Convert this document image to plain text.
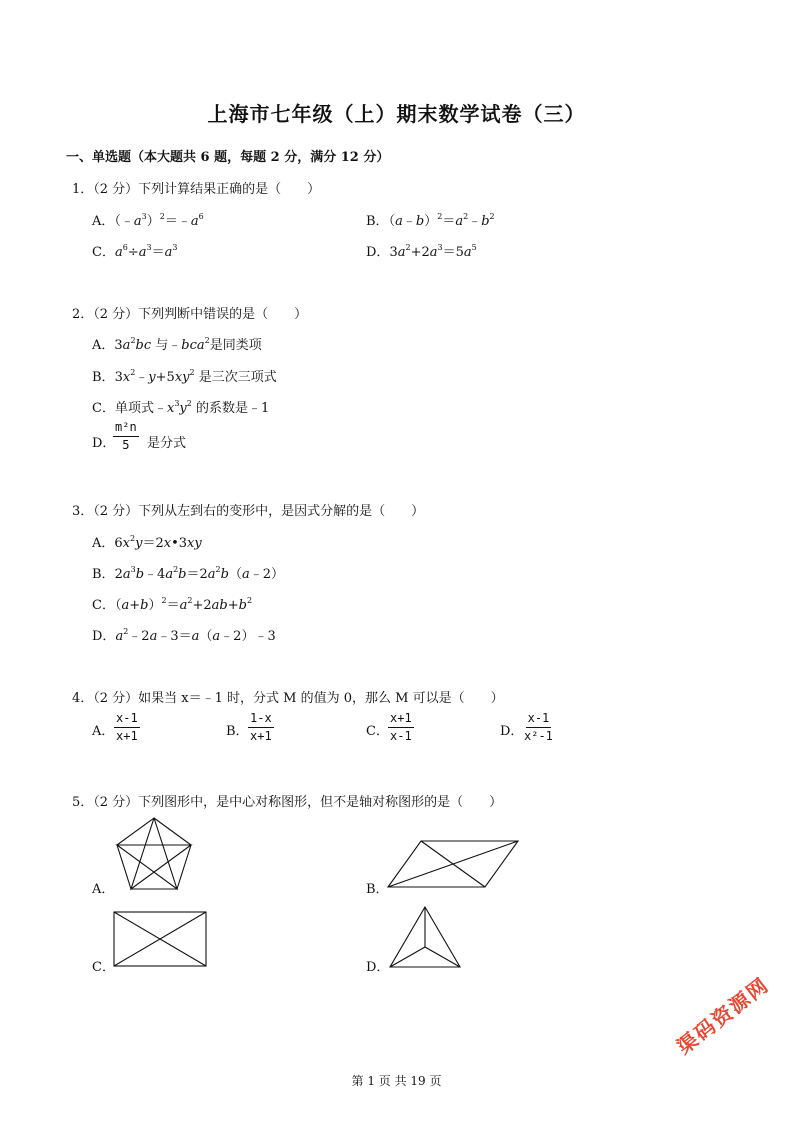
上海市七年级（上）期末数学试卷（三）
一、单选题（本大题共 6 题，每题 2 分，满分 12 分）
1．（2 分）下列计算结果正确的是（　　）
A．$(﹣a^3)^2=﹣a^6$	B．$(a﹣b)^2=a^2﹣b^2$
C．$a^6\div a^3=a^3$	D．$3a^2+2a^3=5a^5$
2．（2 分）下列判断中错误的是（　　）
A．$3a^2bc$ 与﹣bca$^2$是同类项
B．$3x^2﹣y+5xy^2$ 是三次三项式
C．单项式$﹣x^3y^2$ 的系数是﹣1
D．
$\frac{\text{m²n}}{5}$ 是分式
3．（2 分）下列从左到右的变形中，是因式分解的是（　　）
A．$6x^2y=2x•3xy$
B．$2a^3b﹣4a^2b=2a^2b(a﹣2)$
C．$(a+b)^2=a^2+2ab+b^2$
D．$a^2﹣2a﹣3=a(a﹣2)﹣3$
4．（2 分）如果当 x＝﹣1 时，分式 M 的值为 0，那么 M 可以是（　　）
A． $\frac{x-1}{x+1}$	B． $\frac{1-x}{x+1}$	C． $\frac{x+1}{x-1}$	D． $\frac{x-1}{\text{x²-1}}$
5．（2 分）下列图形中，是中心对称图形，但不是轴对称图形的是（　　）
A．	B．
C．	D．
渠码资源网
第 1 页 共 19 页
